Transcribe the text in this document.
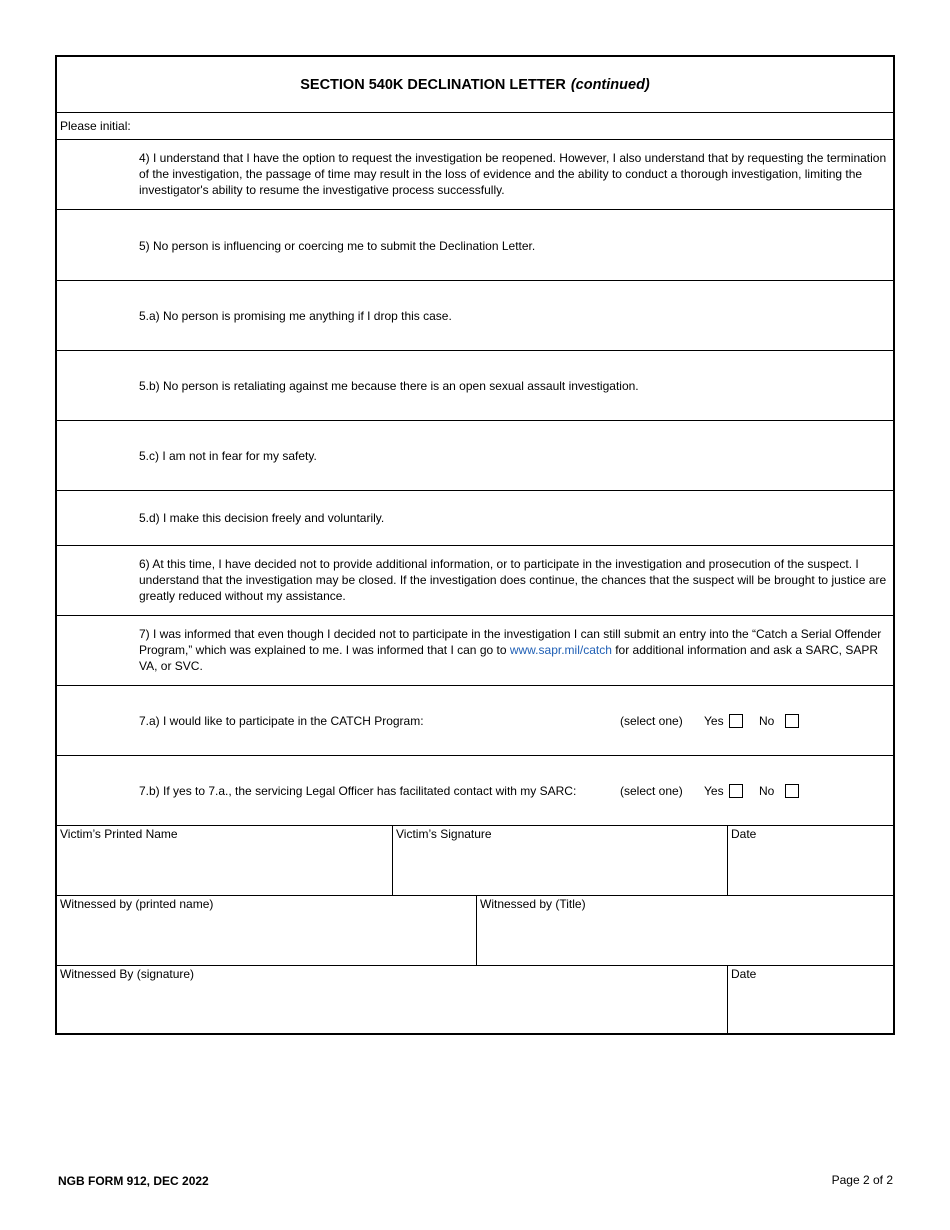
SECTION 540K DECLINATION LETTER (continued)
Please initial:
4) I understand that I have the option to request the investigation be reopened. However, I also understand that by requesting the termination of the investigation, the passage of time may result in the loss of evidence and the ability to conduct a thorough investigation, limiting the investigator's ability to resume the investigative process successfully.
5) No person is influencing or coercing me to submit the Declination Letter.
5.a) No person is promising me anything if I drop this case.
5.b) No person is retaliating against me because there is an open sexual assault investigation.
5.c) I am not in fear for my safety.
5.d) I make this decision freely and voluntarily.
6) At this time, I have decided not to provide additional information, or to participate in the investigation and prosecution of the suspect. I understand that the investigation may be closed. If the investigation does continue, the chances that the suspect will be brought to justice are greatly reduced without my assistance.
7) I was informed that even though I decided not to participate in the investigation I can still submit an entry into the “Catch a Serial Offender Program,” which was explained to me. I was informed that I can go to www.sapr.mil/catch for additional information and ask a SARC, SAPR VA, or SVC.
7.a) I would like to participate in the CATCH Program:	(select one) Yes	No
7.b) If yes to 7.a., the servicing Legal Officer has facilitated contact with my SARC:	(select one) Yes	No
Victim’s Printed Name	Victim’s Signature	Date
Witnessed by (printed name)	Witnessed by (Title)
Witnessed By (signature)	Date
NGB FORM 912, DEC 2022	Page 2 of 2
